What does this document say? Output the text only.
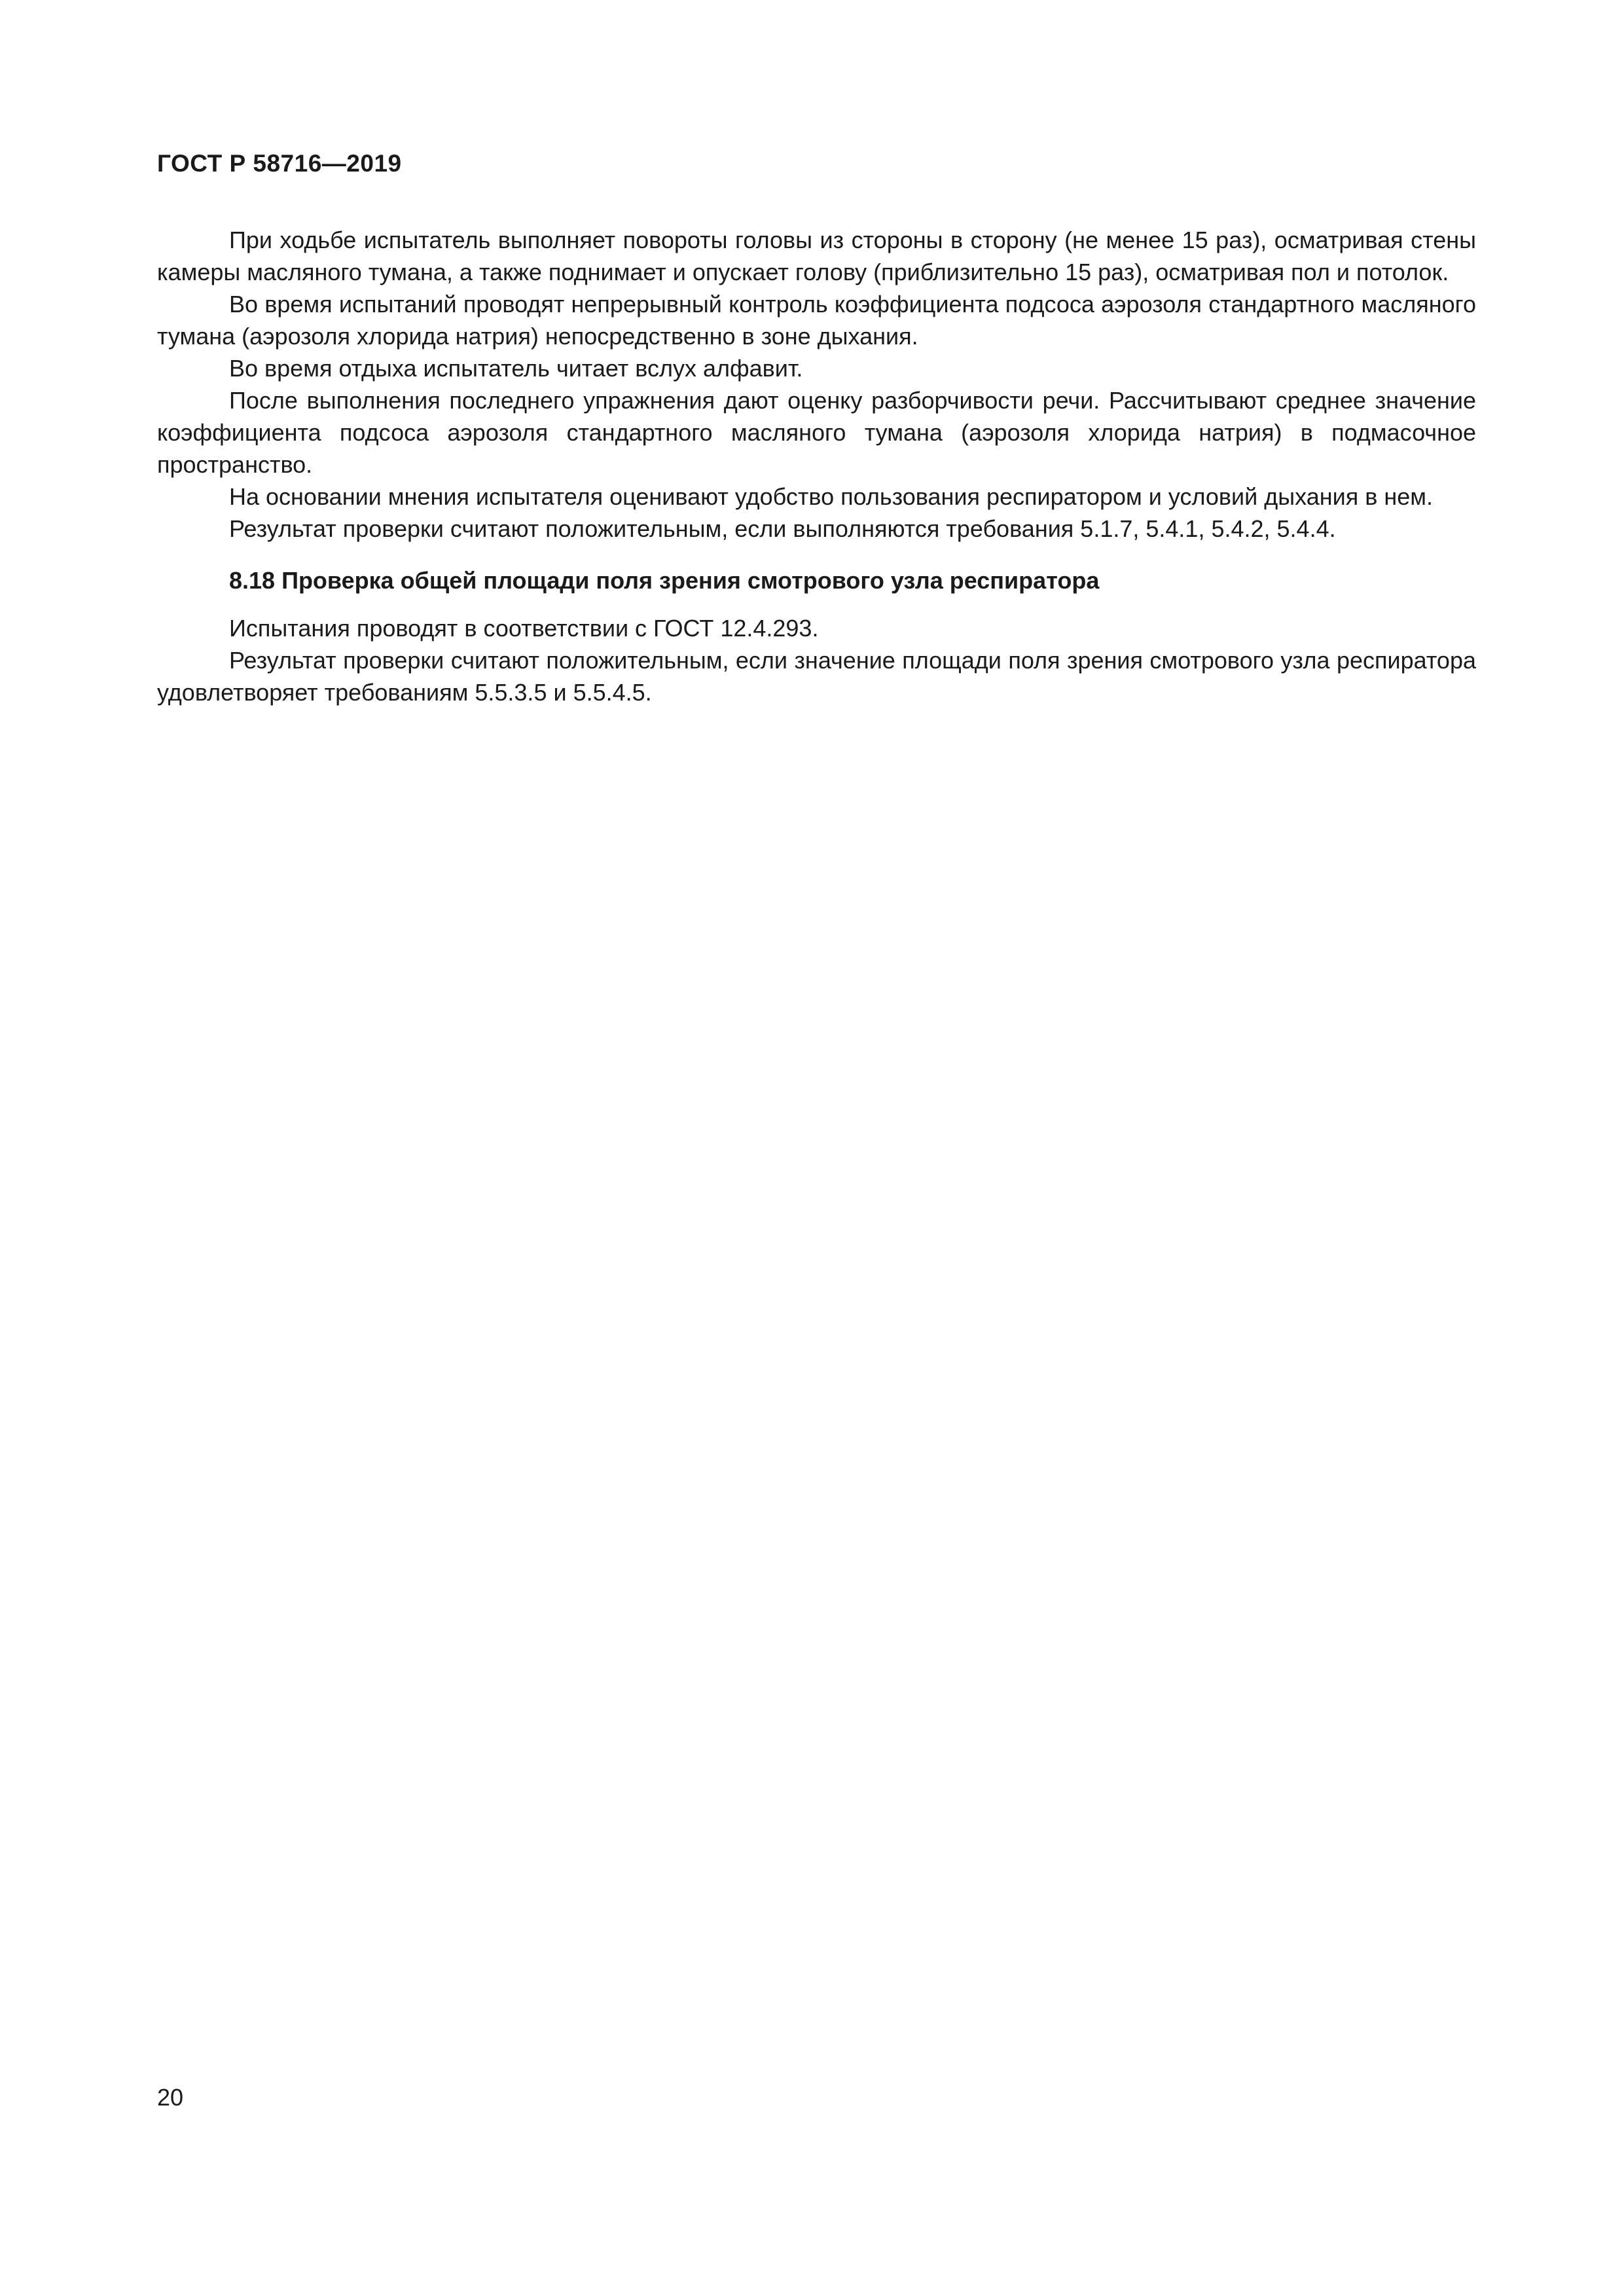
ГОСТ Р 58716—2019

При ходьбе испытатель выполняет повороты головы из стороны в сторону (не менее 15 раз), осматривая стены камеры масляного тумана, а также поднимает и опускает голову (приблизительно 15 раз), осматривая пол и потолок.

Во время испытаний проводят непрерывный контроль коэффициента подсоса аэрозоля стандартного масляного тумана (аэрозоля хлорида натрия) непосредственно в зоне дыхания.

Во время отдыха испытатель читает вслух алфавит.

После выполнения последнего упражнения дают оценку разборчивости речи. Рассчитывают среднее значение коэффициента подсоса аэрозоля стандартного масляного тумана (аэрозоля хлорида натрия) в подмасочное пространство.

На основании мнения испытателя оценивают удобство пользования респиратором и условий дыхания в нем.

Результат проверки считают положительным, если выполняются требования 5.1.7, 5.4.1, 5.4.2, 5.4.4.

8.18 Проверка общей площади поля зрения смотрового узла респиратора

Испытания проводят в соответствии с ГОСТ 12.4.293.

Результат проверки считают положительным, если значение площади поля зрения смотрового узла респиратора удовлетворяет требованиям 5.5.3.5 и 5.5.4.5.

20
